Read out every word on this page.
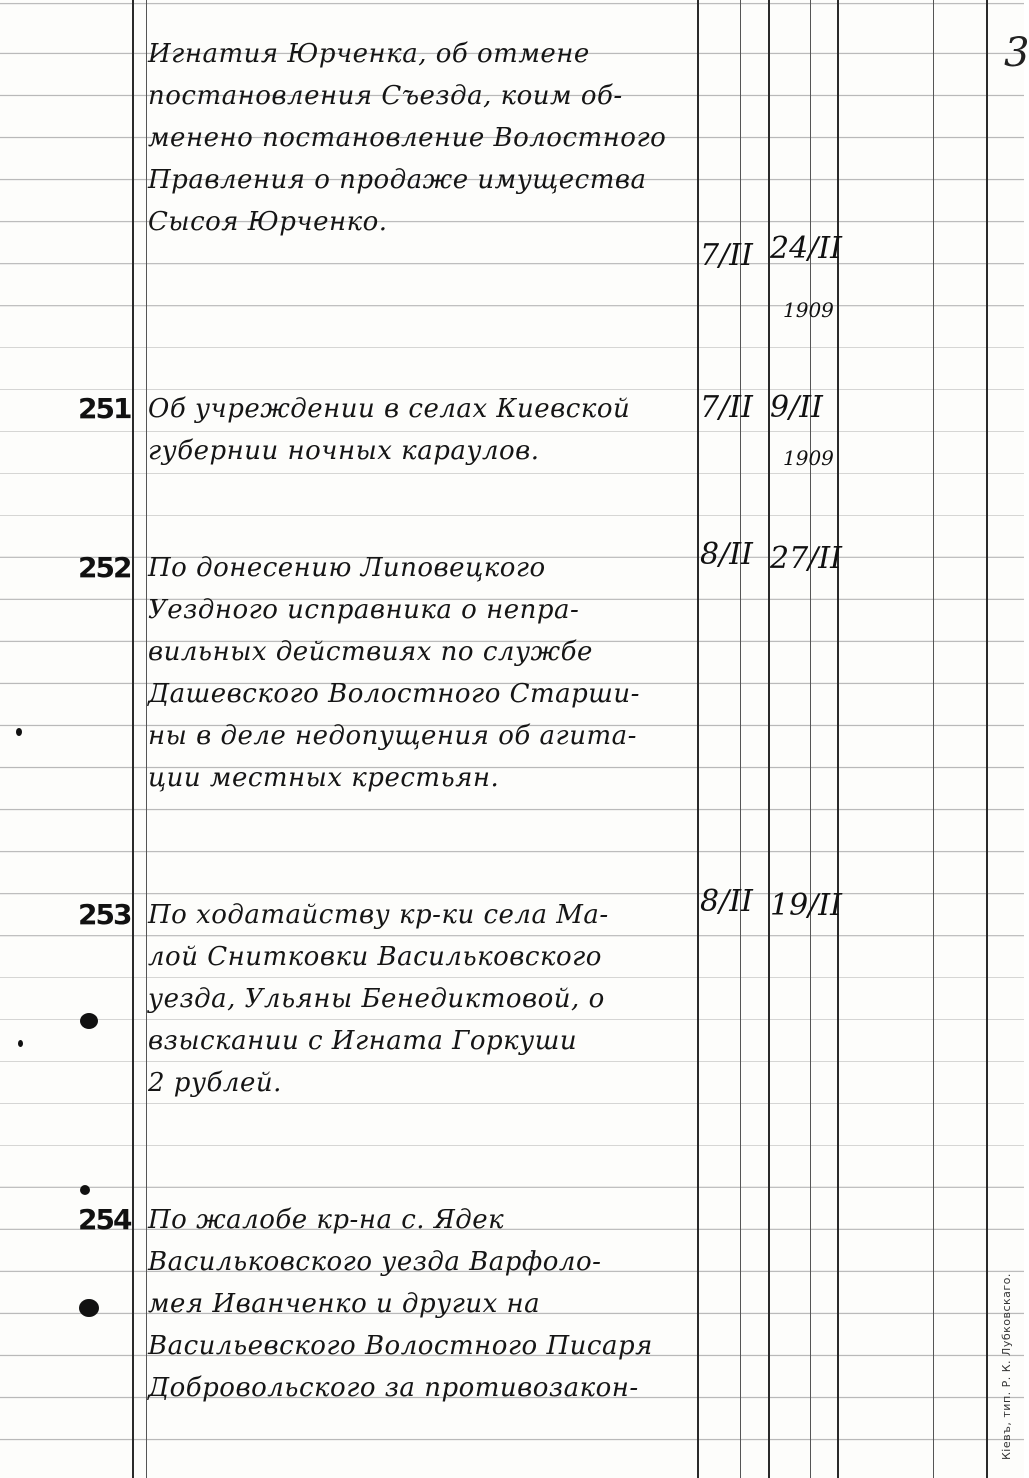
3
Игнатия Юрченка, об отмене
постановления Съезда, коим об-
менено постановление Волостного
Правления о продаже имущества
Сысоя Юрченко.
7/II 24/II
1909
251 Об учреждении в селах Киевской
губернии ночных караулов.
7/II 9/II
1909
252 По донесению Липовецкого
Уездного исправника о непра-
вильных действиях по службе
Дашевского Волостного Старши-
ны в деле недопущения об агита-
ции местных крестьян.
8/II 27/II
253 По ходатайству кр-ки села Ма-
лой Снитковки Васильковского
уезда, Ульяны Бенедиктовой, о
взыскании с Игната Горкуши
2 рублей.
8/II 19/II
254 По жалобе кр-на с. Ядек
Васильковского уезда Варфоло-
мея Иванченко и других на
Васильевского Волостного Писаря
Добровольского за противозакон-	Кіевъ, тип. Р. К. Лубковскаго.
